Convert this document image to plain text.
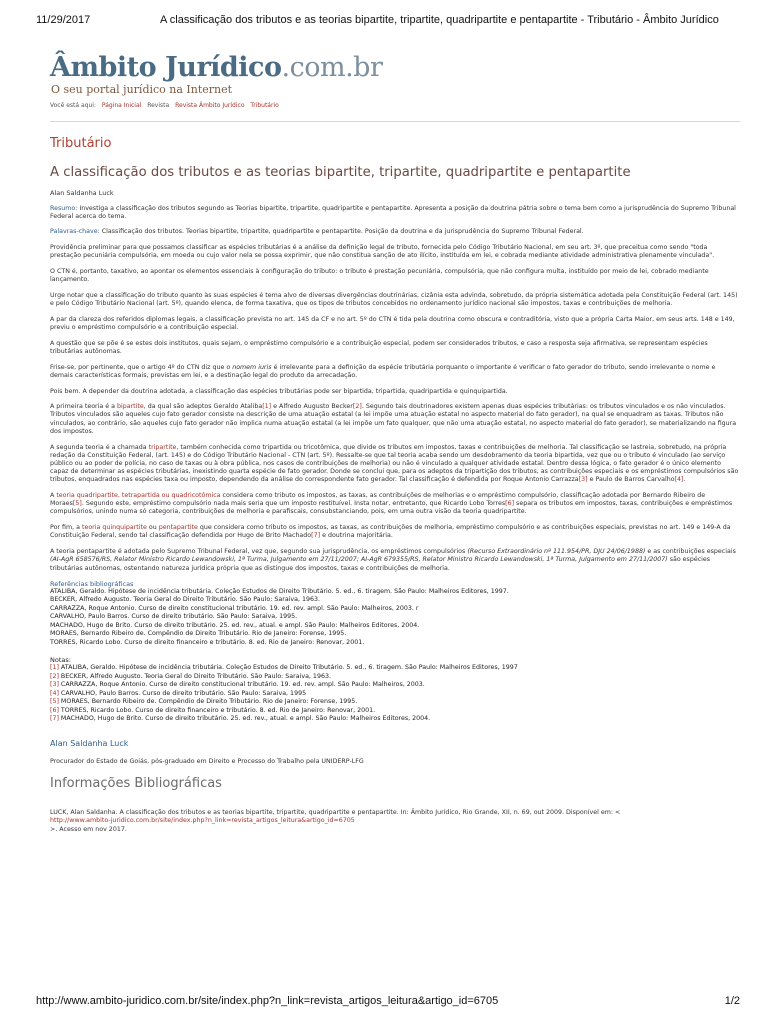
11/29/2017	A classificação dos tributos e as teorias bipartite, tripartite, quadripartite e pentapartite - Tributário - Âmbito Jurídico
Âmbito Jurídico.com.br
O seu portal jurídico na Internet
Você está aqui: Página Inicial Revista Revista Âmbito Jurídico Tributário
Tributário
A classificação dos tributos e as teorias bipartite, tripartite, quadripartite e pentapartite
Alan Saldanha Luck
Resumo: Investiga a classificação dos tributos segundo as Teorias bipartite, tripartite, quadripartite e pentapartite. Apresenta a posição da doutrina pátria sobre o tema bem como a jurisprudência do Supremo Tribunal Federal acerca do tema.
Palavras-chave: Classificação dos tributos. Teorias bipartite, tripartite, quadripartite e pentapartite. Posição da doutrina e da jurisprudência do Supremo Tribunal Federal.
Providência preliminar para que possamos classificar as espécies tributárias é a análise da definição legal de tributo, fornecida pelo Código Tributário Nacional, em seu art. 3º, que preceitua como sendo "toda prestação pecuniária compulsória, em moeda ou cujo valor nela se possa exprimir, que não constitua sanção de ato ilícito, instituída em lei, e cobrada mediante atividade administrativa plenamente vinculada".
O CTN é, portanto, taxativo, ao apontar os elementos essenciais à configuração do tributo: o tributo é prestação pecuniária, compulsória, que não configura multa, instituído por meio de lei, cobrado mediante lançamento.
Urge notar que a classificação do tributo quanto às suas espécies é tema alvo de diversas divergências doutrinárias, cizânia esta advinda, sobretudo, da própria sistemática adotada pela Constituição Federal (art. 145) e pelo Código Tributário Nacional (art. 5º), quando elenca, de forma taxativa, que os tipos de tributos concebidos no ordenamento jurídico nacional são impostos, taxas e contribuições de melhoria.
A par da clareza dos referidos diplomas legais, a classificação prevista no art. 145 da CF e no art. 5º do CTN é tida pela doutrina como obscura e contraditória, visto que a própria Carta Maior, em seus arts. 148 e 149, previu o empréstimo compulsório e a contribuição especial.
A questão que se põe é se estes dois institutos, quais sejam, o empréstimo compulsório e a contribuição especial, podem ser considerados tributos, e caso a resposta seja afirmativa, se representam espécies tributárias autônomas.
Frise-se, por pertinente, que o artigo 4º do CTN diz que o nomem iuris é irrelevante para a definição da espécie tributária porquanto o importante é verificar o fato gerador do tributo, sendo irrelevante o nome e demais características formais, previstas em lei, e a destinação legal do produto da arrecadação.
Pois bem. A depender da doutrina adotada, a classificação das espécies tributárias pode ser bipartida, tripartida, quadripartida e quinquipartida.
A primeira teoria é a bipartite, da qual são adeptos Geraldo Ataliba[1] e Alfredo Augusto Becker[2]. Segundo tais doutrinadores existem apenas duas espécies tributárias: os tributos vinculados e os não vinculados. Tributos vinculados são aqueles cujo fato gerador consiste na descrição de uma atuação estatal (a lei impõe uma atuação estatal no aspecto material do fato gerador), na qual se enquadram as taxas. Tributos não vinculados, ao contrário, são aqueles cujo fato gerador não implica numa atuação estatal (a lei impõe um fato qualquer, que não uma atuação estatal, no aspecto material do fato gerador), se materializando na figura dos impostos.
A segunda teoria é a chamada tripartite, também conhecida como tripartida ou tricotômica, que divide os tributos em impostos, taxas e contribuições de melhoria. Tal classificação se lastreia, sobretudo, na própria redação da Constituição Federal, (art. 145) e do Código Tributário Nacional - CTN (art. 5º). Ressalte-se que tal teoria acaba sendo um desdobramento da teoria bipartida, vez que ou o tributo é vinculado (ao serviço público ou ao poder de polícia, no caso de taxas ou à obra pública, nos casos de contribuições de melhoria) ou não é vinculado a qualquer atividade estatal. Dentro dessa lógica, o fato gerador é o único elemento capaz de determinar as espécies tributárias, inexistindo quarta espécie de fato gerador. Donde se conclui que, para os adeptos da tripartição dos tributos, as contribuições especiais e os empréstimos compulsórios são tributos, enquadrados nas espécies taxa ou imposto, dependendo da análise do correspondente fato gerador. Tal classificação é defendida por Roque Antonio Carrazza[3] e Paulo de Barros Carvalho[4].
A teoria quadripartite, tetrapartida ou quadricotômica considera como tributo os impostos, as taxas, as contribuições de melhorias e o empréstimo compulsório, classificação adotada por Bernardo Ribeiro de Moraes[5]. Segundo este, empréstimo compulsório nada mais seria que um imposto restituível. Insta notar, entretanto, que Ricardo Lobo Torres[6] separa os tributos em impostos, taxas, contribuições e empréstimos compulsórios, unindo numa só categoria, contribuições de melhoria e parafiscais, consubstanciando, pois, em uma outra visão da teoria quadripartite.
Por fim, a teoria quinquipartite ou pentapartite que considera como tributo os impostos, as taxas, as contribuições de melhoria, empréstimo compulsório e as contribuições especiais, previstas no art. 149 e 149-A da Constituição Federal, sendo tal classificação defendida por Hugo de Brito Machado[7] e doutrina majoritária.
A teoria pentapartite é adotada pelo Supremo Tribunal Federal, vez que, segundo sua jurisprudência, os empréstimos compulsórios (Recurso Extraordinário nº 111.954/PR, DJU 24/06/1988) e as contribuições especiais (AI-AgR 658576/RS, Relator Ministro Ricardo Lewandowski, 1ª Turma, Julgamento em 27/11/2007; AI-AgR 679355/RS, Relator Ministro Ricardo Lewandowski, 1ª Turma, Julgamento em 27/11/2007) são espécies tributárias autônomas, ostentando natureza jurídica própria que as distingue dos impostos, taxas e contribuições de melhoria.
Referências bibliográficas
ATALIBA, Geraldo. Hipótese de incidência tributária. Coleção Estudos de Direito Tributário. 5. ed., 6. tiragem. São Paulo: Malheiros Editores, 1997.
BECKER, Alfredo Augusto. Teoria Geral do Direito Tributário. São Paulo: Saraiva, 1963.
CARRAZZA, Roque Antonio. Curso de direito constitucional tributário. 19. ed. rev. ampl. São Paulo: Malheiros, 2003. r
CARVALHO, Paulo Barros. Curso de direito tributário. São Paulo: Saraiva, 1995.
MACHADO, Hugo de Brito. Curso de direito tributário. 25. ed. rev., atual. e ampl. São Paulo: Malheiros Editores, 2004.
MORAES, Bernardo Ribeiro de. Compêndio de Direito Tributário. Rio de Janeiro: Forense, 1995.
TORRES, Ricardo Lobo. Curso de direito financeiro e tributário. 8. ed. Rio de Janeiro: Renovar, 2001.
Notas:
[1] ATALIBA, Geraldo. Hipótese de incidência tributária. Coleção Estudos de Direito Tributário. 5. ed., 6. tiragem. São Paulo: Malheiros Editores, 1997
[2] BECKER, Alfredo Augusto. Teoria Geral do Direito Tributário. São Paulo: Saraiva, 1963.
[3] CARRAZZA, Roque Antonio. Curso de direito constitucional tributário. 19. ed. rev. ampl. São Paulo: Malheiros, 2003.
[4] CARVALHO, Paulo Barros. Curso de direito tributário. São Paulo: Saraiva, 1995
[5] MORAES, Bernardo Ribeiro de. Compêndio de Direito Tributário. Rio de Janeiro: Forense, 1995.
[6] TORRES, Ricardo Lobo. Curso de direito financeiro e tributário. 8. ed. Rio de Janeiro: Renovar, 2001.
[7] MACHADO, Hugo de Brito. Curso de direito tributário. 25. ed. rev., atual. e ampl. São Paulo: Malheiros Editores, 2004.
Alan Saldanha Luck
Procurador do Estado de Goiás, pós-graduado em Direito e Processo do Trabalho pela UNIDERP-LFG
Informações Bibliográficas
LUCK, Alan Saldanha. A classificação dos tributos e as teorias bipartite, tripartite, quadripartite e pentapartite. In: Âmbito Jurídico, Rio Grande, XII, n. 69, out 2009. Disponível em: <
http://www.ambito-juridico.com.br/site/index.php?n_link=revista_artigos_leitura&artigo_id=6705
>. Acesso em nov 2017.
http://www.ambito-juridico.com.br/site/index.php?n_link=revista_artigos_leitura&artigo_id=6705	1/2
